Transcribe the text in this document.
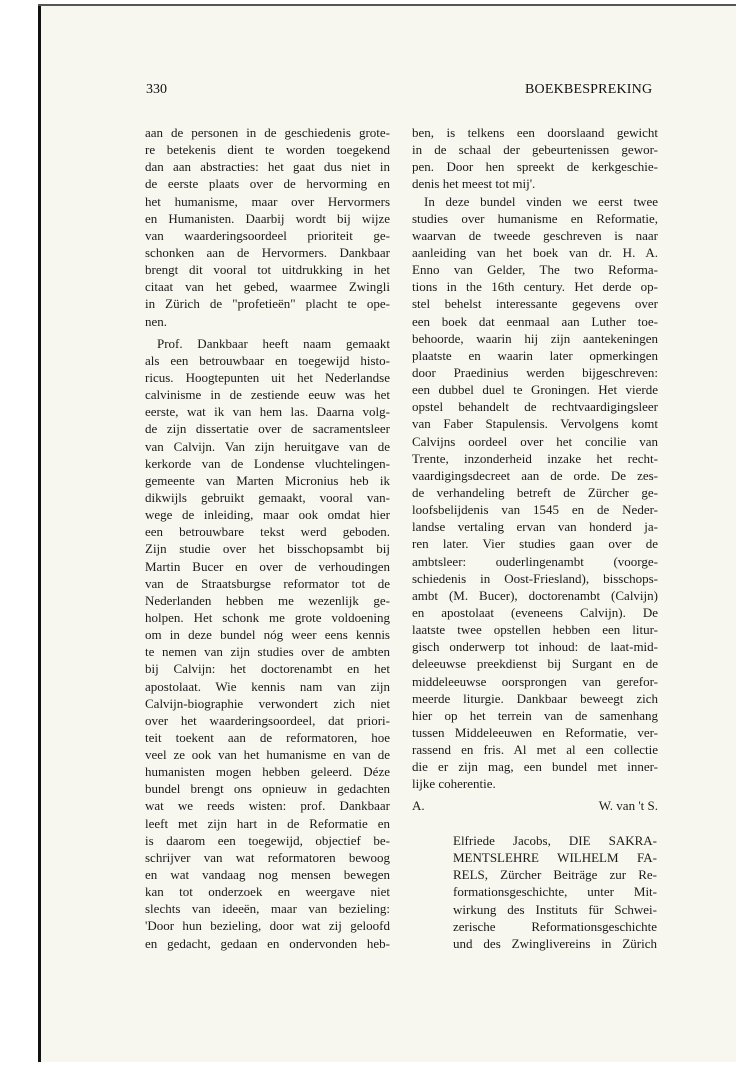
330	BOEKBESPREKING
aan de personen in de geschiedenis grote-
re betekenis dient te worden toegekend
dan aan abstracties: het gaat dus niet in
de eerste plaats over de hervorming en
het humanisme, maar over Hervormers
en Humanisten. Daarbij wordt bij wijze
van waarderingsoordeel prioriteit ge-
schonken aan de Hervormers. Dankbaar
brengt dit vooral tot uitdrukking in het
citaat van het gebed, waarmee Zwingli
in Zürich de "profetieën" placht te ope-
nen.
Prof. Dankbaar heeft naam gemaakt
als een betrouwbaar en toegewijd histo-
ricus. Hoogtepunten uit het Nederlandse
calvinisme in de zestiende eeuw was het
eerste, wat ik van hem las. Daarna volg-
de zijn dissertatie over de sacramentsleer
van Calvijn. Van zijn heruitgave van de
kerkorde van de Londense vluchtelingen-
gemeente van Marten Micronius heb ik
dikwijls gebruikt gemaakt, vooral van-
wege de inleiding, maar ook omdat hier
een betrouwbare tekst werd geboden.
Zijn studie over het bisschopsambt bij
Martin Bucer en over de verhoudingen
van de Straatsburgse reformator tot de
Nederlanden hebben me wezenlijk ge-
holpen. Het schonk me grote voldoening
om in deze bundel nóg weer eens kennis
te nemen van zijn studies over de ambten
bij Calvijn: het doctorenambt en het
apostolaat. Wie kennis nam van zijn
Calvijn-biographie verwondert zich niet
over het waarderingsoordeel, dat priori-
teit toekent aan de reformatoren, hoe
veel ze ook van het humanisme en van de
humanisten mogen hebben geleerd. Déze
bundel brengt ons opnieuw in gedachten
wat we reeds wisten: prof. Dankbaar
leeft met zijn hart in de Reformatie en
is daarom een toegewijd, objectief be-
schrijver van wat reformatoren bewoog
en wat vandaag nog mensen bewegen
kan tot onderzoek en weergave niet
slechts van ideeën, maar van bezieling:
'Door hun bezieling, door wat zij geloofd
en gedacht, gedaan en ondervonden heb-
ben, is telkens een doorslaand gewicht
in de schaal der gebeurtenissen gewor-
pen. Door hen spreekt de kerkgeschie-
denis het meest tot mij'.
In deze bundel vinden we eerst twee
studies over humanisme en Reformatie,
waarvan de tweede geschreven is naar
aanleiding van het boek van dr. H. A.
Enno van Gelder, The two Reforma-
tions in the 16th century. Het derde op-
stel behelst interessante gegevens over
een boek dat eenmaal aan Luther toe-
behoorde, waarin hij zijn aantekeningen
plaatste en waarin later opmerkingen
door Praedinius werden bijgeschreven:
een dubbel duel te Groningen. Het vierde
opstel behandelt de rechtvaardigingsleer
van Faber Stapulensis. Vervolgens komt
Calvijns oordeel over het concilie van
Trente, inzonderheid inzake het recht-
vaardigingsdecreet aan de orde. De zes-
de verhandeling betreft de Zürcher ge-
loofsbelijdenis van 1545 en de Neder-
landse vertaling ervan van honderd ja-
ren later. Vier studies gaan over de
ambtsleer: ouderlingenambt (voorge-
schiedenis in Oost-Friesland), bisschops-
ambt (M. Bucer), doctorenambt (Calvijn)
en apostolaat (eveneens Calvijn). De
laatste twee opstellen hebben een litur-
gisch onderwerp tot inhoud: de laat-mid-
deleeuwse preekdienst bij Surgant en de
middeleeuwse oorsprongen van gerefor-
meerde liturgie. Dankbaar beweegt zich
hier op het terrein van de samenhang
tussen Middeleeuwen en Reformatie, ver-
rassend en fris. Al met al een collectie
die er zijn mag, een bundel met inner-
lijke coherentie.
A.	W. van 't S.
Elfriede Jacobs, DIE SAKRA-
MENTSLEHRE WILHELM FA-
RELS, Zürcher Beiträge zur Re-
formationsgeschichte, unter Mit-
wirkung des Instituts für Schwei-
zerische Reformationsgeschichte
und des Zwinglivereins in Zürich
